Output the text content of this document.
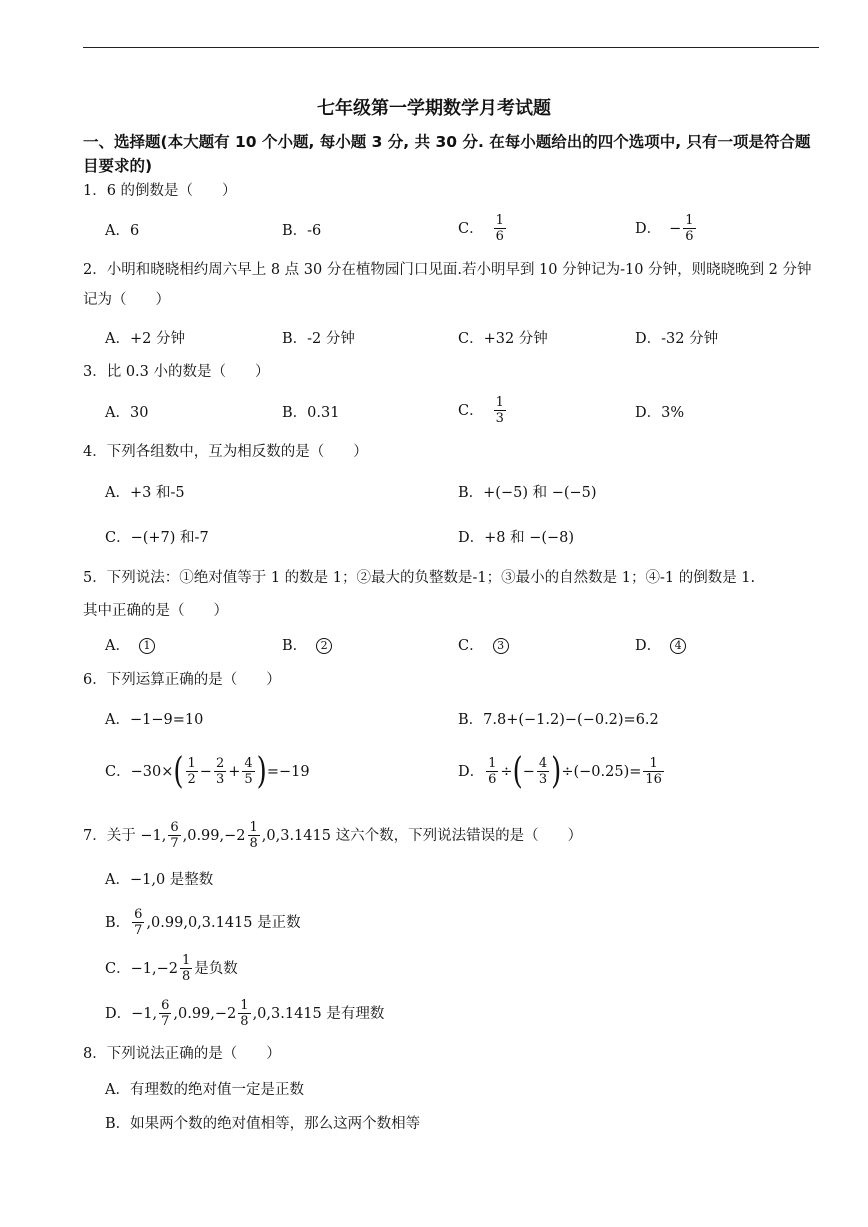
七年级第一学期数学月考试题
一、选择题(本大题有 10 个小题, 每小题 3 分, 共 30 分. 在每小题给出的四个选项中, 只有一项是符合题目要求的)
1．6 的倒数是（　　）
A． 6	B． -6	C． $\frac{1}{6}$	D． − $\frac{1}{6}$
2．小明和晓晓相约周六早上 8 点 30 分在植物园门口见面.若小明早到 10 分钟记为-10 分钟，则晓晓晚到 2 分钟记为（　　）
A．+2 分钟	B．-2 分钟	C．+32 分钟	D．-32 分钟
3．比 0.3 小的数是（　　）
A．30	B．0.31	C． $\frac{1}{3}$	D．3%
4．下列各组数中，互为相反数的是（　　）
A．+3 和-5	B．+(−5) 和 −(−5)
C．−(+7) 和-7	D．+8 和 −(−8)
5．下列说法：①绝对值等于 1 的数是 1；②最大的负整数是-1；③最小的自然数是 1；④-1 的倒数是 1.
其中正确的是（　　）
A．	1	B．	2	C．	3	D．	4
6．下列运算正确的是（　　）
A．−1−9=10	B．7.8+(−1.2)−(−0.2)=6.2
C．−30× ( $\frac{1}{2} - \frac{2}{3} + \frac{4}{5}$ ) =−19	D． $\frac{1}{6}$ ÷ ( − $\frac{4}{3}$ ) $\div(-0.25)= \frac{1}{16}$
7．关于 −1, $\frac{6}{7} ,0.99,-2 \frac{1}{8} ,0,3.1415$ 这六个数，下列说法错误的是（　　）
A．−1,0 是整数
B． $\frac{6}{7} ,0.99,0,3.1415$ 是正数
C．$-1,-2 \frac{1}{8}$ 是负数
D．−1, $\frac{6}{7} ,0.99,-2 \frac{1}{8} ,0,3.1415$ 是有理数
8．下列说法正确的是（　　）
A．有理数的绝对值一定是正数
B．如果两个数的绝对值相等，那么这两个数相等
